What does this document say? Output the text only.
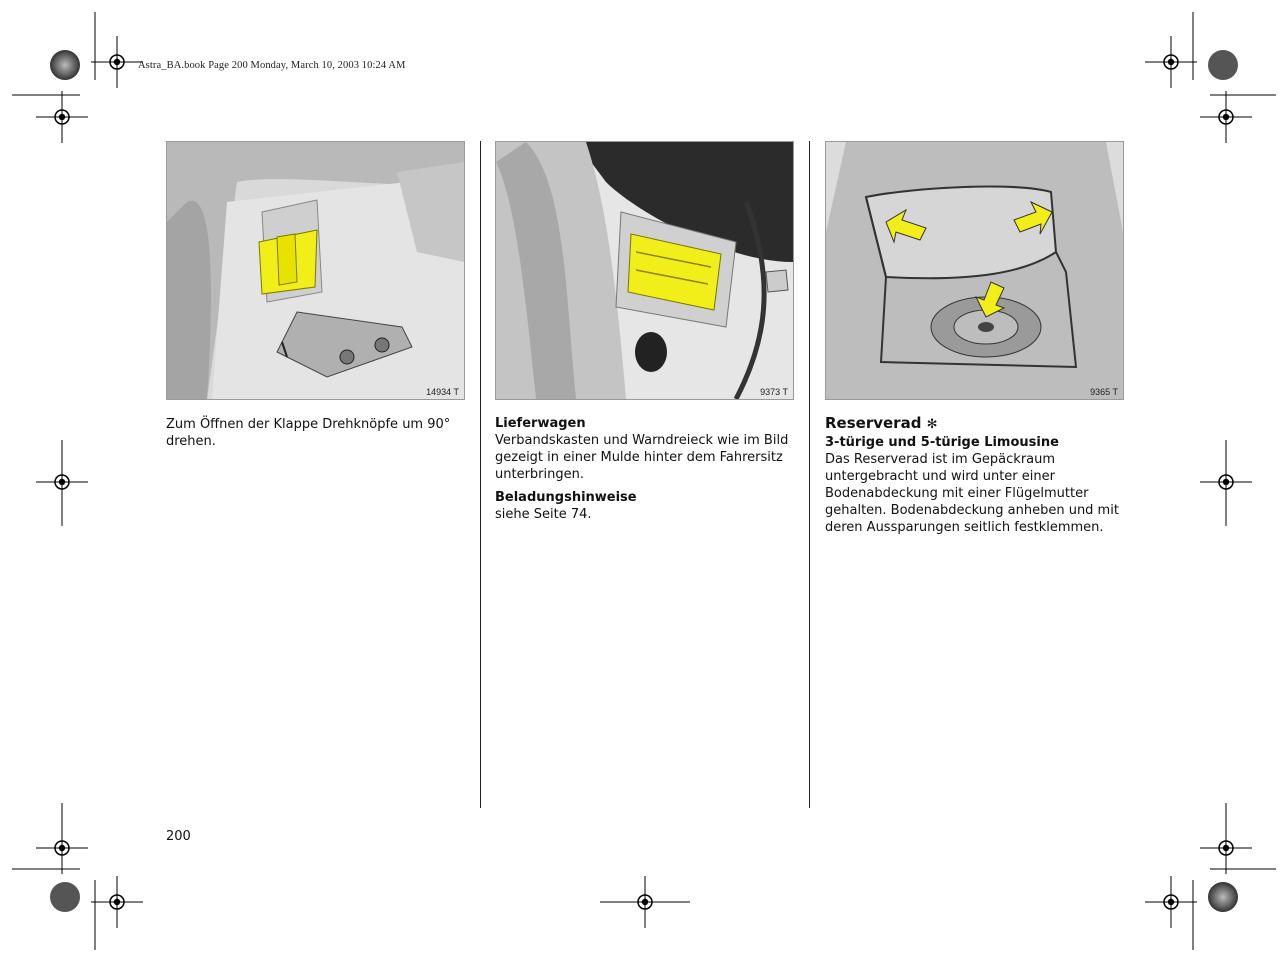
Astra_BA.book Page 200 Monday, March 10, 2003 10:24 AM
14934 T	9373 T	9365 T

Zum Öffnen der Klappe Drehknöpfe um 90° drehen.

Lieferwagen

Verbandskasten und Warndreieck wie im Bild gezeigt in einer Mulde hinter dem Fahrersitz unterbringen.

Beladungshinweise

siehe Seite 74.

Reserverad ✻

3-türige und 5-türige Limousine

Das Reserverad ist im Gepäckraum untergebracht und wird unter einer Bodenabdeckung mit einer Flügelmutter gehalten. Bodenabdeckung anheben und mit deren Aussparungen seitlich festklemmen.

200
